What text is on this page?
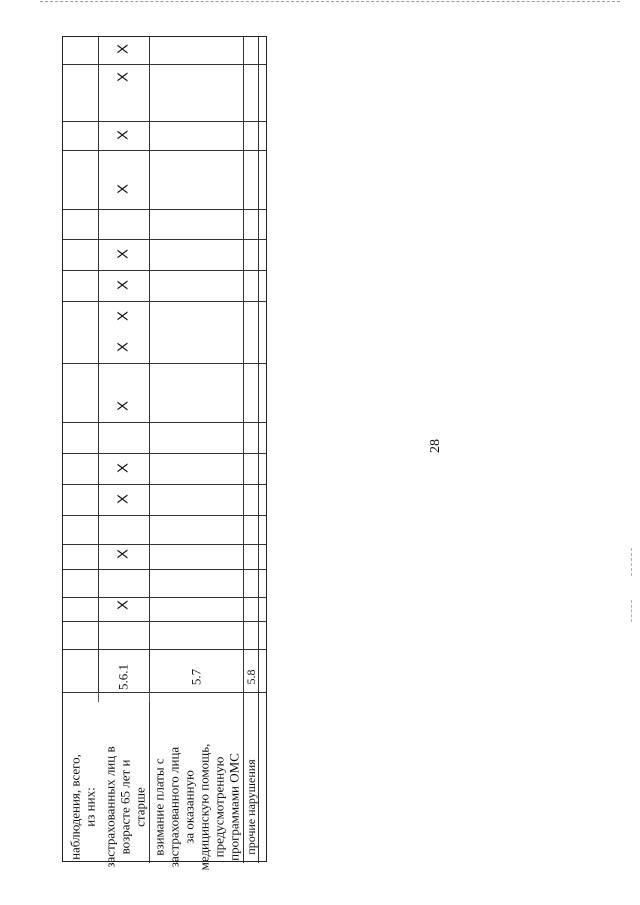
28
наблюдения, всего, из них: застрахованных лиц в возрасте 65 лет и старше взимание платы с застрахованного лица за оказанную медицинскую помощь, предусмотренную программами ОМС прочие нарушения
5.6.1	5.7	5.8
X
X
X
X
X
X
X
X
X
X
X
X
X
